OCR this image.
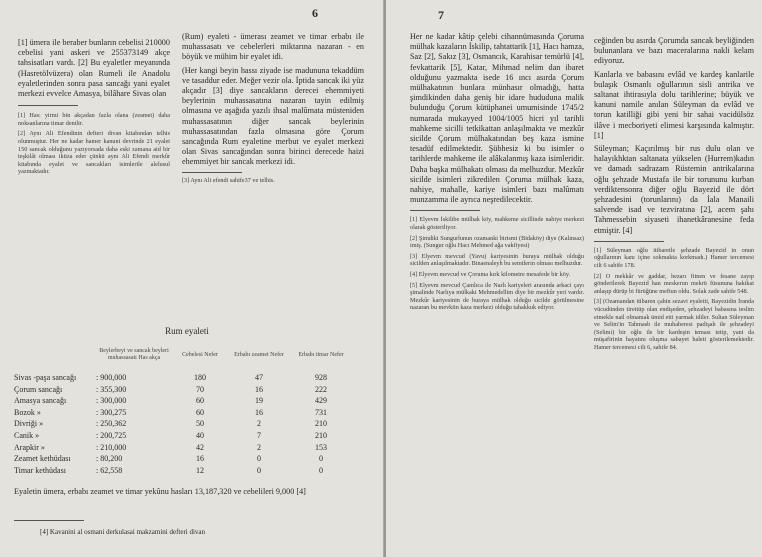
6

[1] ümera ile beraber bunların cebelisi 210000 cebelisi yani askeri ve 255373149 akçe tahsisatları vardı. [2] Bu eyaletler meyanında (Hasretölvüzera) olan Rumeli ile Anadolu eyaletlerinden sonra pasa sancağı yani eyalet merkezi evvelce Amasya, bilâhare Sivas olan

[1] Has: yirmi bin akçadan fazla olana (zeamet) daha noksanlarına timar denilir.

[2] Aynı Ali Efendinin defteri divan kitabından telhis olunmuştur. Her ne kadar hamer kanuni devrinde 21 eyalet 150 sancak olduğunu yazıyorsada daha eski zamana aid bir teşkilât olması iktiza eder çünkü aynı Ali Efendi merkûr kitabında eyalet ve sancakları isimlerile alelusul yazmaktadır.

(Rum) eyaleti - ümerası zeamet ve timar erbabı ile muhassasatı ve cebelerleri miktarına nazaran - en böyük ve mühim bir eyalet idi.

(Her kangi beyin hassı ziyade ise madununa tekaddüm ve tasaddur eder. Meğer vezir ola. İptida sancak iki yüz akçadır [3] diye sancakların derecei ehemmiyeti beylerinin muhassasatına nazaran tayin edilmiş olmasına ve aşağıda yazılı ihsal malûmata müsteniden muhassasatının diğer sancak beylerinin muhassasatından fazla olmasına göre Çorum sancağında Rum eyaletine merbut ve eyalet merkezi olan Sivas sancağından sonra birinci derecede haizi ehemmiyet bir sancak merkezi idi.

[3] Aynı Ali efendi sahife37 ve telhis.

Rum eyaleti
Beylerbeyi ve sancak beyleri muhassasatı Has akça
Cebelesi Nefer	Erbabı zeamet Nefer	Erbabı timar Nefer
Sivas -paşa sancağı	: 900,000	180	47	928
Çorum sancağı	: 355,300	70	16	222
Amasya sancağı	: 300,000	60	19	429
Bozok »	: 300,275	60	16	731
Divriği »	: 250,362	50	2	210
Canik »	: 200,725	40	7	210
Arapkir »	: 210,000	42	2	153
Zeamet kethüdası	: 80,200	16	0	0
Timar kethüdası	: 62,558	12	0	0
Eyaletin ümera, erbabı zeamet ve timar yekûnu hasları 13,187,320 ve cebelileri 9,000 [4]
[4] Kavanini al osmani derkulasai makzamini defteri divan
7

Her ne kadar kâtip çelebi cihannümasında Çoruma mülhak kazaların İskilip, tahtattarik [1], Hacı hamza, Saz [2], Sakız [3], Osmancık, Karahisar temürlü [4], fevkattarik [5], Katar, Mihmad nelim dan ibaret olduğunu yazmakta isede 16 ıncı asırda Çorum mülhakatının bunlara münhasır olmadığı, hatta şimdikinden daha geniş bir idare hududuna malik bulunduğu Çorum kütüphanei umumisinde 1745/2 numarada mukayyed 1004/1005 hicri yıl tarihli mahkeme sicilli tetkikattan anlaşılmakta ve mezkûr sicilde Çorum mülhakatından beş kaza ismine tesadüf edilmektedir. Şübhesiz ki bu isimler o tarihlerde mahkeme ile alâkalanmış kaza isimleridir. Daha başka mülhakatı olması da melhuzdur. Mezkûr sicilde isimleri zikredilen Çoruma mülhak kaza, nahiye, mahalle, kariye isimleri bazı malûmatı munzamma ile ayrıca neşredilecektir.

[1] Elyevm İskilibe mülhak köy, mahkeme sicillinde nahiye merkezi olarak gösteriliyor.

[2] Şimdiki Sungurlunun ozamanki birismi (Bidaköy) diye (Kalınsaz) imiş. (Sungur oğlu Hacı Mehmed ağa vakfiyesi)

[3] Elyevm mevcud (Yavu) kariyesinin buraya mülhak olduğu sicilden anlaşılmaktadır. Binaenaleyh bu semtlerin olması melhuzdur.

[4] Elyevm mevcud ve Çoruma kırk kilometre mesafede bir köy.

[5] Elyevm mevcud Çamlıca ile Narlı kariyeleri arasında arkaci çayı şimalinde Narlıya mülkaki Mehmedellim diye bir mezkûr yeri vardır. Mezkûr kariyesinin de buraya mülhak olduğu sicilde görülmesine nazaran bu mevkiin kaza merkezi olduğu tahakkuk ediyor.

ceğinden bu asırda Çorumda sancak beyliğinden bulunanlara ve bazı maceralarına nakli kelam ediyoruz.

Kanlarla ve babasını evlâd ve kardeş kanlarile bulaşık Osmanlı oğullarının sisli antrika ve saltanat ihtirasıyla dolu tarihlerine; büyük ve kanuni namile anılan Süleyman da evlâd ve torun katilliği gibi yeni bir sahai vacidülsöz ilâve i mecboriyeti elimesi karşısında kalmıştır. [1]

Süleyman; Kaçırılmış bir rus dulu olan ve halayıkhktan saltanata yükselen (Hurrem)kadın ve damadı sadrazam Rüstemin antrikalarına oğlu şehzade Mustafa ile bir torununu kurban verdiktensonra diğer oğlu Bayezid ile dört şehzadesini (torunlarını) da İala Manaili salvende isad ve tezviratına [2], acem şahı Tahmessebin siyaseti ihanetkâranesine feda etmiştir. [4]

[1] Süleyman oğlu itibaretle şehzade Bayezid in onun oğullarının kanı içine sokmakta korkmadı.) Hamer tercemesi cilt 6 sahife 178.

[2] O mekkâr ve gaddar, hezarı fitnen ve fesane zayıp gönderilerek Bayezid han meskerun mekrü füsununa hakikat anlaşıp dürüp bi fürüğüne meftun oldu. Solak zade sahife 548.

[3] (Ozamandan itibaren çahin sezavi eyaletti, Bayezidin İranda vücudünden tirettüp olan endişeden, şehzadeyi babasına teslim etmekle nail olmamak ümid etti yarmak idiler. Sultan Süleyman ve Selim'in Tahmasb ile muhaberesi padişah ile şehzadeyi (Selimi) bir oğlu ile bir kardeşin teması tetip, yani da müşafirinin hayatını oluşma sabayet haleti gösterilemektedir. Hamer tercemesi cilt 6, sahife 84.
